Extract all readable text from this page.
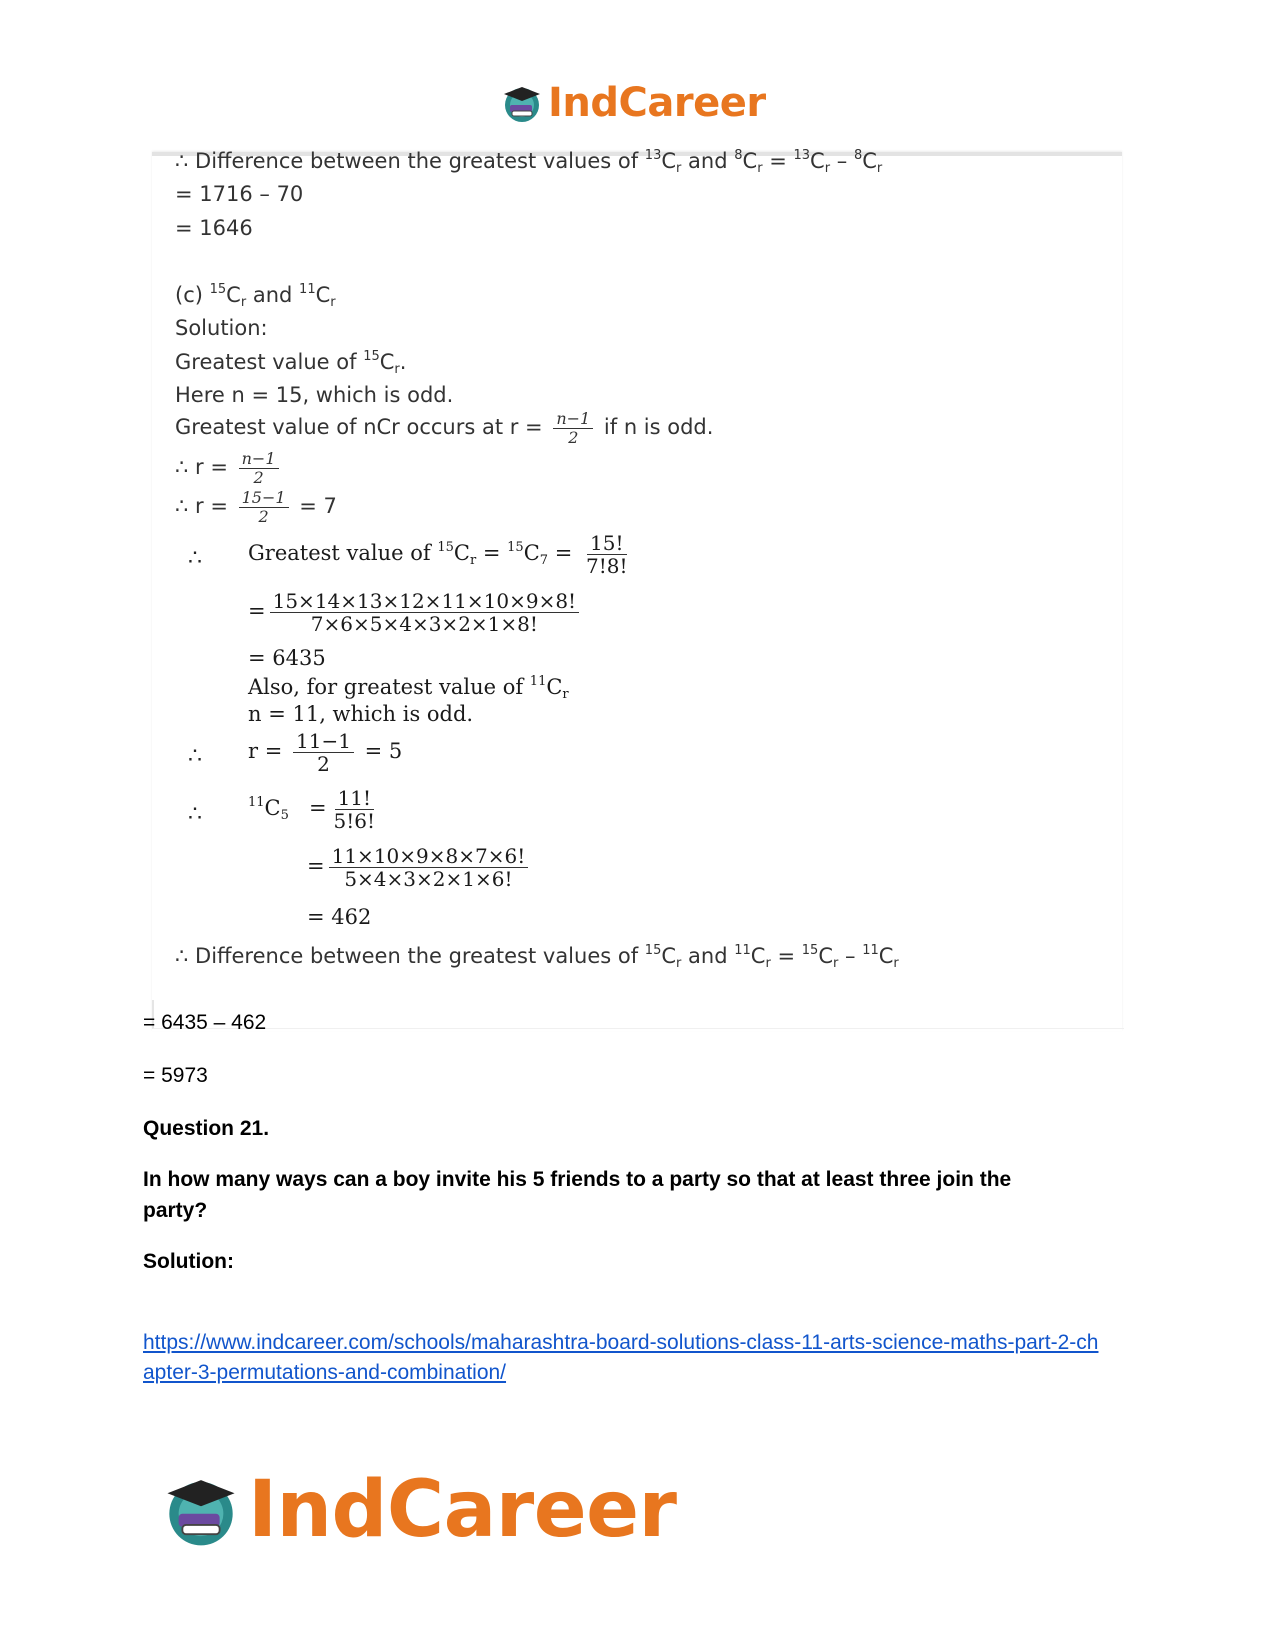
IndCareer
∴ Difference between the greatest values of $^{13}C_r$ and $^8C_r = ^{13}C_r - ^8C_r$
= 1716 – 70
= 1646
(c) $^{15}C_r$ and $^{11}C_r$
Solution:
Greatest value of $^{15}C_r$.
Here n = 15, which is odd.
Greatest value of nCr occurs at $r = \frac{n-1}{2}$ if n is odd.
∴ $r = \frac{n-1}{2}$
∴ $r = \frac{15-1}{2} = 7$
∴ Greatest value of $^{15}C_r = ^{15}C_7 = \frac{15!}{7!8!}$
= $\frac{15\times 14\times 13\times 12\times 11\times 10\times 9\times 8!}{7\times 6\times 5\times 4\times 3\times 2\times 1\times 8!}$
= 6435
Also, for greatest value of $^{11}C_r$
n = 11, which is odd.
∴ $r = \frac{11-1}{2} = 5$
∴	$^{11}C_5 = \frac{11!}{5!6!}$
= $\frac{11\times 10\times 9\times 8\times 7\times 6!}{5\times 4\times 3\times 2\times 1\times 6!}$
= 462
∴ Difference between the greatest values of $^{15}C_r$ and $^{11}C_r = ^{15}C_r - ^{11}C_r$
= 6435 – 462
= 5973
Question 21.
In how many ways can a boy invite his 5 friends to a party so that at least three join the party?
Solution:
https://www.indcareer.com/schools/maharashtra-board-solutions-class-11-arts-science-maths-part-2-chapter-3-permutations-and-combination/
IndCareer
